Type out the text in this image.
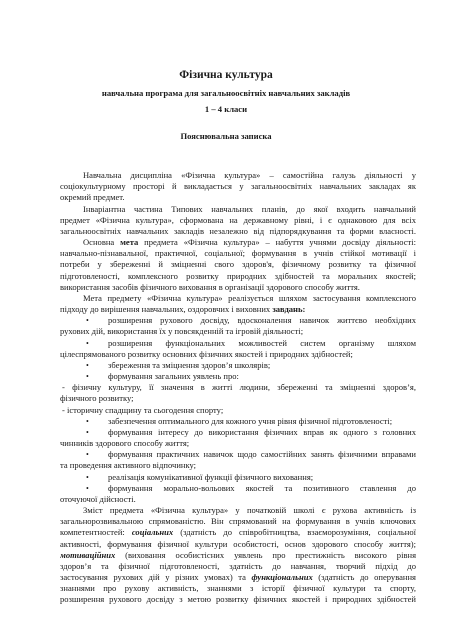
Фізична культура
навчальна програма для загальноосвітніх навчальних закладів
1 – 4 класи
Пояснювальна записка
Навчальна дисципліна «Фізична культура» – самостійна галузь діяльності у
соціокультурному просторі й викладається у загальноосвітніх навчальних закладах як
окремий предмет.
Інваріантна частина Типових навчальних планів, до якої входить навчальний
предмет «Фізична культура», сформована на державному рівні, і є однаковою для всіх
загальноосвітніх навчальних закладів незалежно від підпорядкування та форми власності.
Основна мета предмета «Фізична культура» – набуття учнями досвіду діяльності:
навчально-пізнавальної, практичної, соціальної; формування в учнів стійкої мотивації і
потреби у збереженні й зміцненні свого здоров'я, фізичному розвитку та фізичної
підготовленості, комплексного розвитку природних здібностей та моральних якостей;
використання засобів фізичного виховання в організації здорового способу життя.
Мета предмету «Фізична культура» реалізується шляхом застосування комплексного
підходу до вирішення навчальних, оздоровчих і виховних завдань:
розширення рухового досвіду, вдосконалення навичок життєво необхідних
•
рухових дій, використання їх у повсякденній та ігровій діяльності;
розширення функціональних можливостей систем організму шляхом
•
цілеспрямованого розвитку основних фізичних якостей і природних здібностей;
збереження та зміцнення здоров’я школярів;
•
формування загальних уявлень про:
•
- фізичну культуру, її значення в житті людини, збереженні та зміцненні здоров’я,
фізичного розвитку;
- історичну спадщину та сьогодення спорту;
забезпечення оптимального для кожного учня рівня фізичної підготовленості;
•
формування інтересу до використання фізичних вправ як одного з головних
•
чинників здорового способу життя;
формування практичних навичок щодо самостійних занять фізичними вправами
•
та проведення активного відпочинку;
реалізація комунікативної функції фізичного виховання;
•
формування морально-вольових якостей та позитивного ставлення до
•
оточуючої дійсності.
Зміст предмета «Фізична культура» у початковій школі є рухова активність із
загальнорозвивальною спрямованістю. Він спрямований на формування в учнів ключових
компетентностей: соціальних (здатність до співробітництва, взаєморозуміння, соціальної
активності, формування фізичної культури особистості, основ здорового способу життя);
мотиваційних (виховання особистісних уявлень про престижність високого рівня
здоров’я та фізичної підготовленості, здатність до навчання, творчий підхід до
застосування рухових дій у різних умовах) та функціональних (здатність до оперування
знаннями про рухову активність, знаннями з історії фізичної культури та спорту,
розширення рухового досвіду з метою розвитку фізичних якостей і природних здібностей
